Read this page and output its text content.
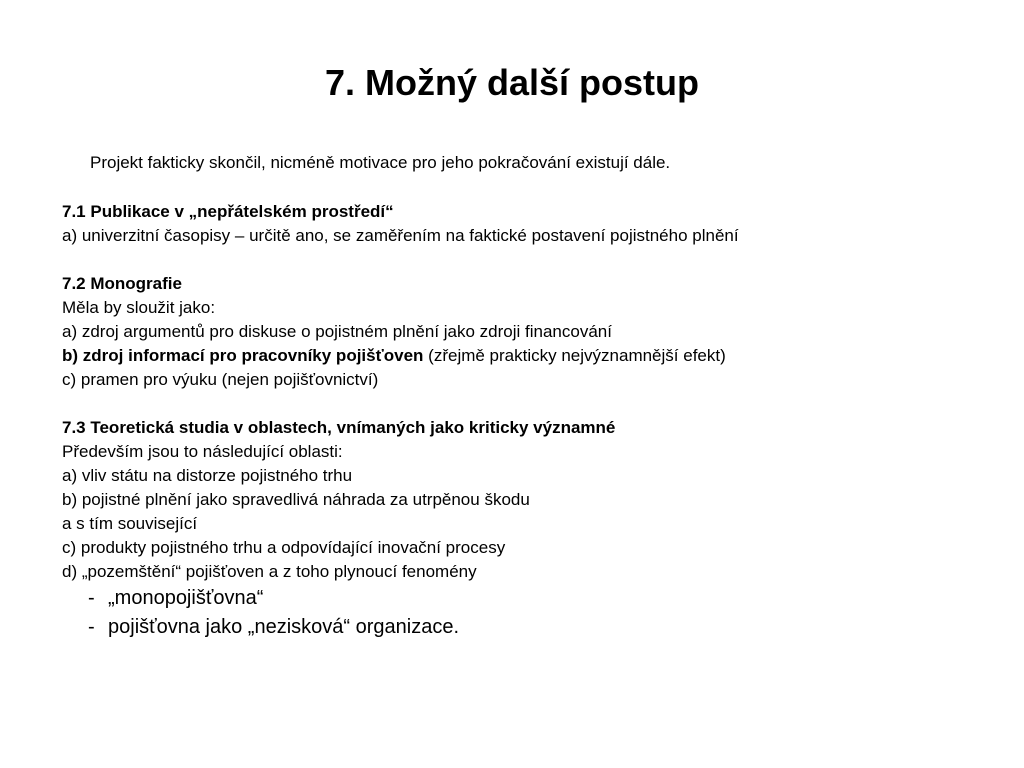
7. Možný další postup

Projekt fakticky skončil, nicméně motivace pro jeho pokračování existují dále.

7.1 Publikace v „nepřátelském prostředí“
a) univerzitní časopisy – určitě ano, se zaměřením na faktické postavení pojistného plnění
7.2 Monografie
Měla by sloužit jako:
a) zdroj argumentů pro diskuse o pojistném plnění jako zdroji financování
b) zdroj informací pro pracovníky pojišťoven (zřejmě prakticky nejvýznamnější efekt)
c) pramen pro výuku (nejen pojišťovnictví)
7.3 Teoretická studia v oblastech, vnímaných jako kriticky významné
Především jsou to následující oblasti:
a) vliv státu na distorze pojistného trhu
b) pojistné plnění jako spravedlivá náhrada za utrpěnou škodu
a s tím související
c) produkty pojistného trhu a odpovídající inovační procesy
d) „pozemštění“ pojišťoven a z toho plynoucí fenomény
- „monopojišťovna“
- pojišťovna jako „nezisková“ organizace.
